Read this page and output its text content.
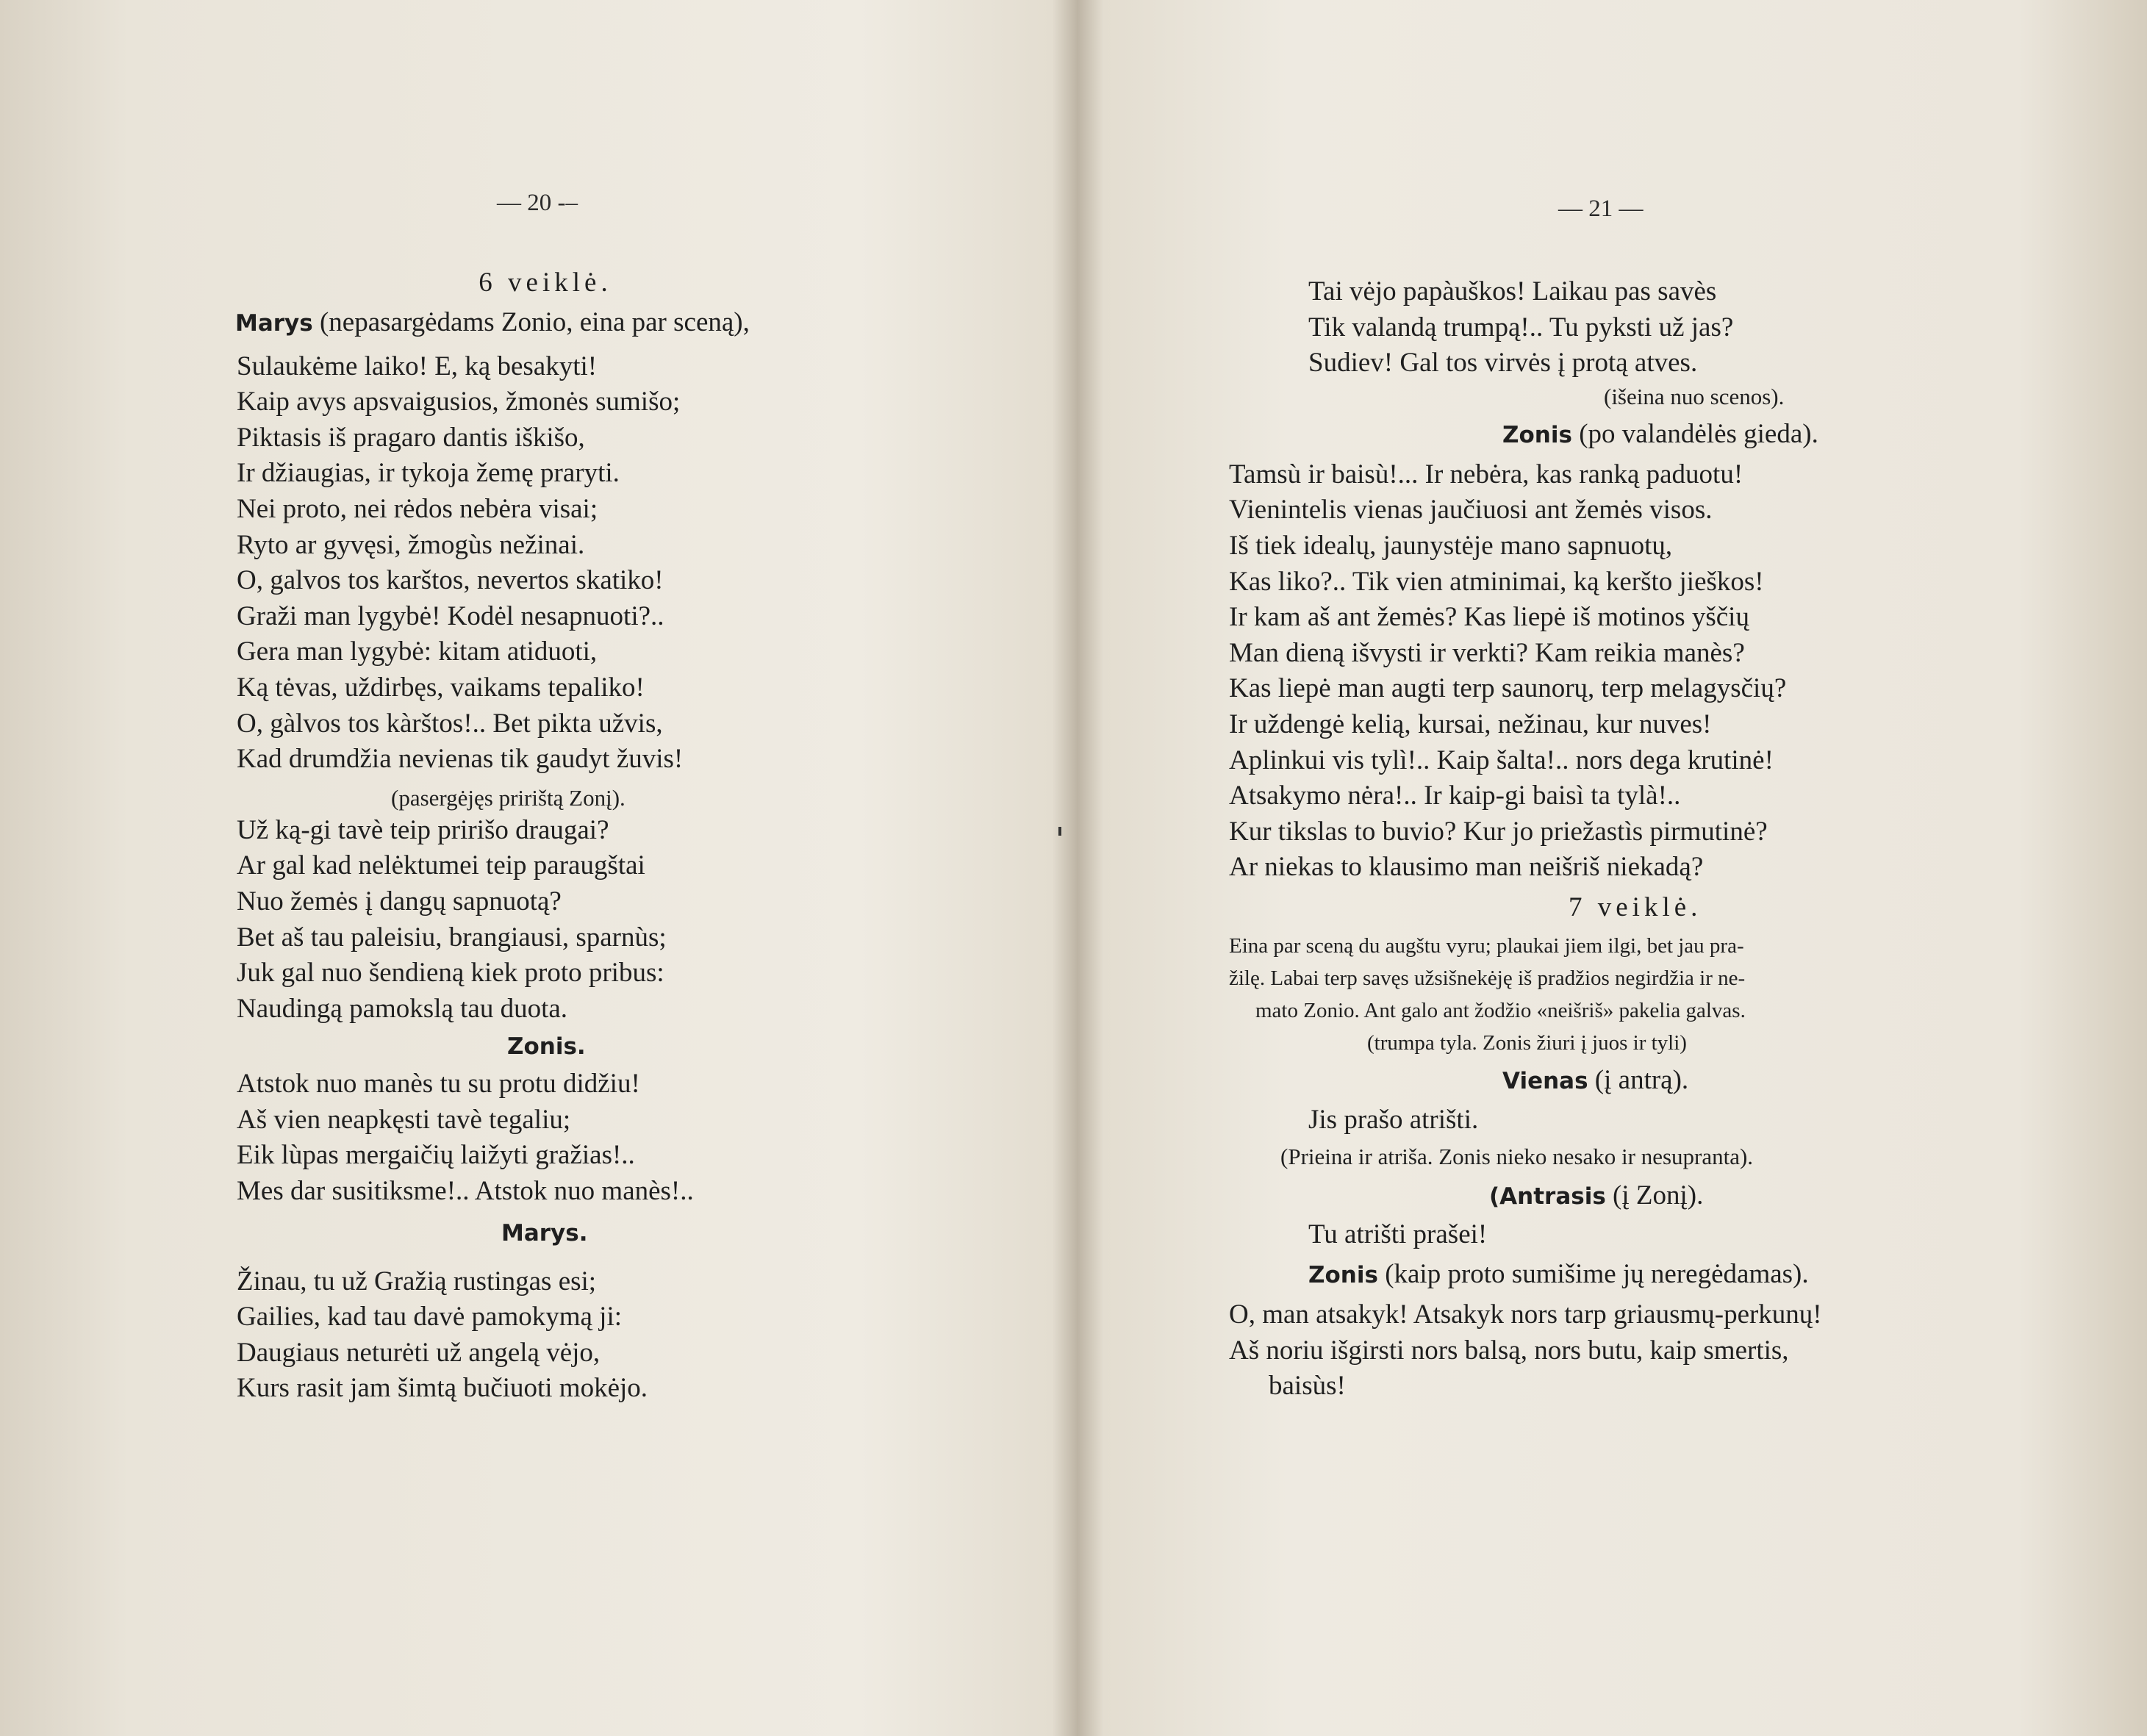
— 20 -–
6 veiklė.
Marys (nepasargėdams Zonio, eina par sceną),
Sulaukėme laiko! E, ką besakyti!
Kaip avys apsvaigusios, žmonės sumišo;
Piktasis iš pragaro dantis iškišo,
Ir džiaugias, ir tykoja žemę praryti.
Nei proto, nei rėdos nebėra visai;
Ryto ar gyvęsi, žmogùs nežinai.
O, galvos tos karštos, nevertos skatiko!
Graži man lygybė! Kodėl nesapnuoti?..
Gera man lygybė: kitam atiduoti,
Ką tėvas, uždirbęs, vaikams tepaliko!
O, gàlvos tos kàrštos!.. Bet pikta užvis,
Kad drumdžia nevienas tik gaudyt žuvis!
(pasergėjęs pririštą Zonį).
Už ką-gi tavè teip pririšo draugai?
Ar gal kad nelėktumei teip paraugštai
Nuo žemės į dangų sapnuotą?
Bet aš tau paleisiu, brangiausi, sparnùs;
Juk gal nuo šendieną kiek proto pribus:
Naudingą pamokslą tau duota.
Zonis.
Atstok nuo manès tu su protu didžiu!
Aš vien neapkęsti tavè tegaliu;
Eik lùpas mergaičių laižyti gražias!..
Mes dar susitiksme!.. Atstok nuo manès!..
Marys.
Žinau, tu už Gražią rustingas esi;
Gailies, kad tau davė pamokymą ji:
Daugiaus neturėti už angelą vėjo,
Kurs rasit jam šimtą bučiuoti mokėjo.
— 21 —
Tai vėjo papàuškos! Laikau pas savès
Tik valandą trumpą!.. Tu pyksti už jas?
Sudiev! Gal tos virvės į protą atves.
(išeina nuo scenos).
Zonis (po valandėlės gieda).
Tamsù ir baisù!... Ir nebėra, kas ranką paduotu!
Vienintelis vienas jaučiuosi ant žemės visos.
Iš tiek idealų, jaunystėje mano sapnuotų,
Kas liko?.. Tik vien atminimai, ką keršto jieškos!
Ir kam aš ant žemės? Kas liepė iš motinos yščių
Man dieną išvysti ir verkti? Kam reikia manès?
Kas liepė man augti terp saunorų, terp melagysčių?
Ir uždengė kelią, kursai, nežinau, kur nuves!
Aplinkui vis tylì!.. Kaip šalta!.. nors dega krutinė!
Atsakymo nėra!.. Ir kaip-gi baisì ta tylà!..
Kur tikslas to buvio? Kur jo priežastìs pirmutinė?
Ar niekas to klausimo man neišriš niekadą?
7 veiklė.
Eina par sceną du augštu vyru; plaukai jiem ilgi, bet jau pra-
žilę. Labai terp savęs užsišnekėję iš pradžios negirdžia ir ne-
mato Zonio. Ant galo ant žodžio «neišriš» pakelia galvas.
(trumpa tyla. Zonis žiuri į juos ir tyli)
Vienas (į antrą).
Jis prašo atrišti.
(Prieina ir atriša. Zonis nieko nesako ir nesupranta).
(Antrasis (į Zonį).
Tu atrišti prašei!
Zonis (kaip proto sumišime jų neregėdamas).
O, man atsakyk! Atsakyk nors tarp griausmų-perkunų!
Aš noriu išgirsti nors balsą, nors butu, kaip smertis,
baisùs!
